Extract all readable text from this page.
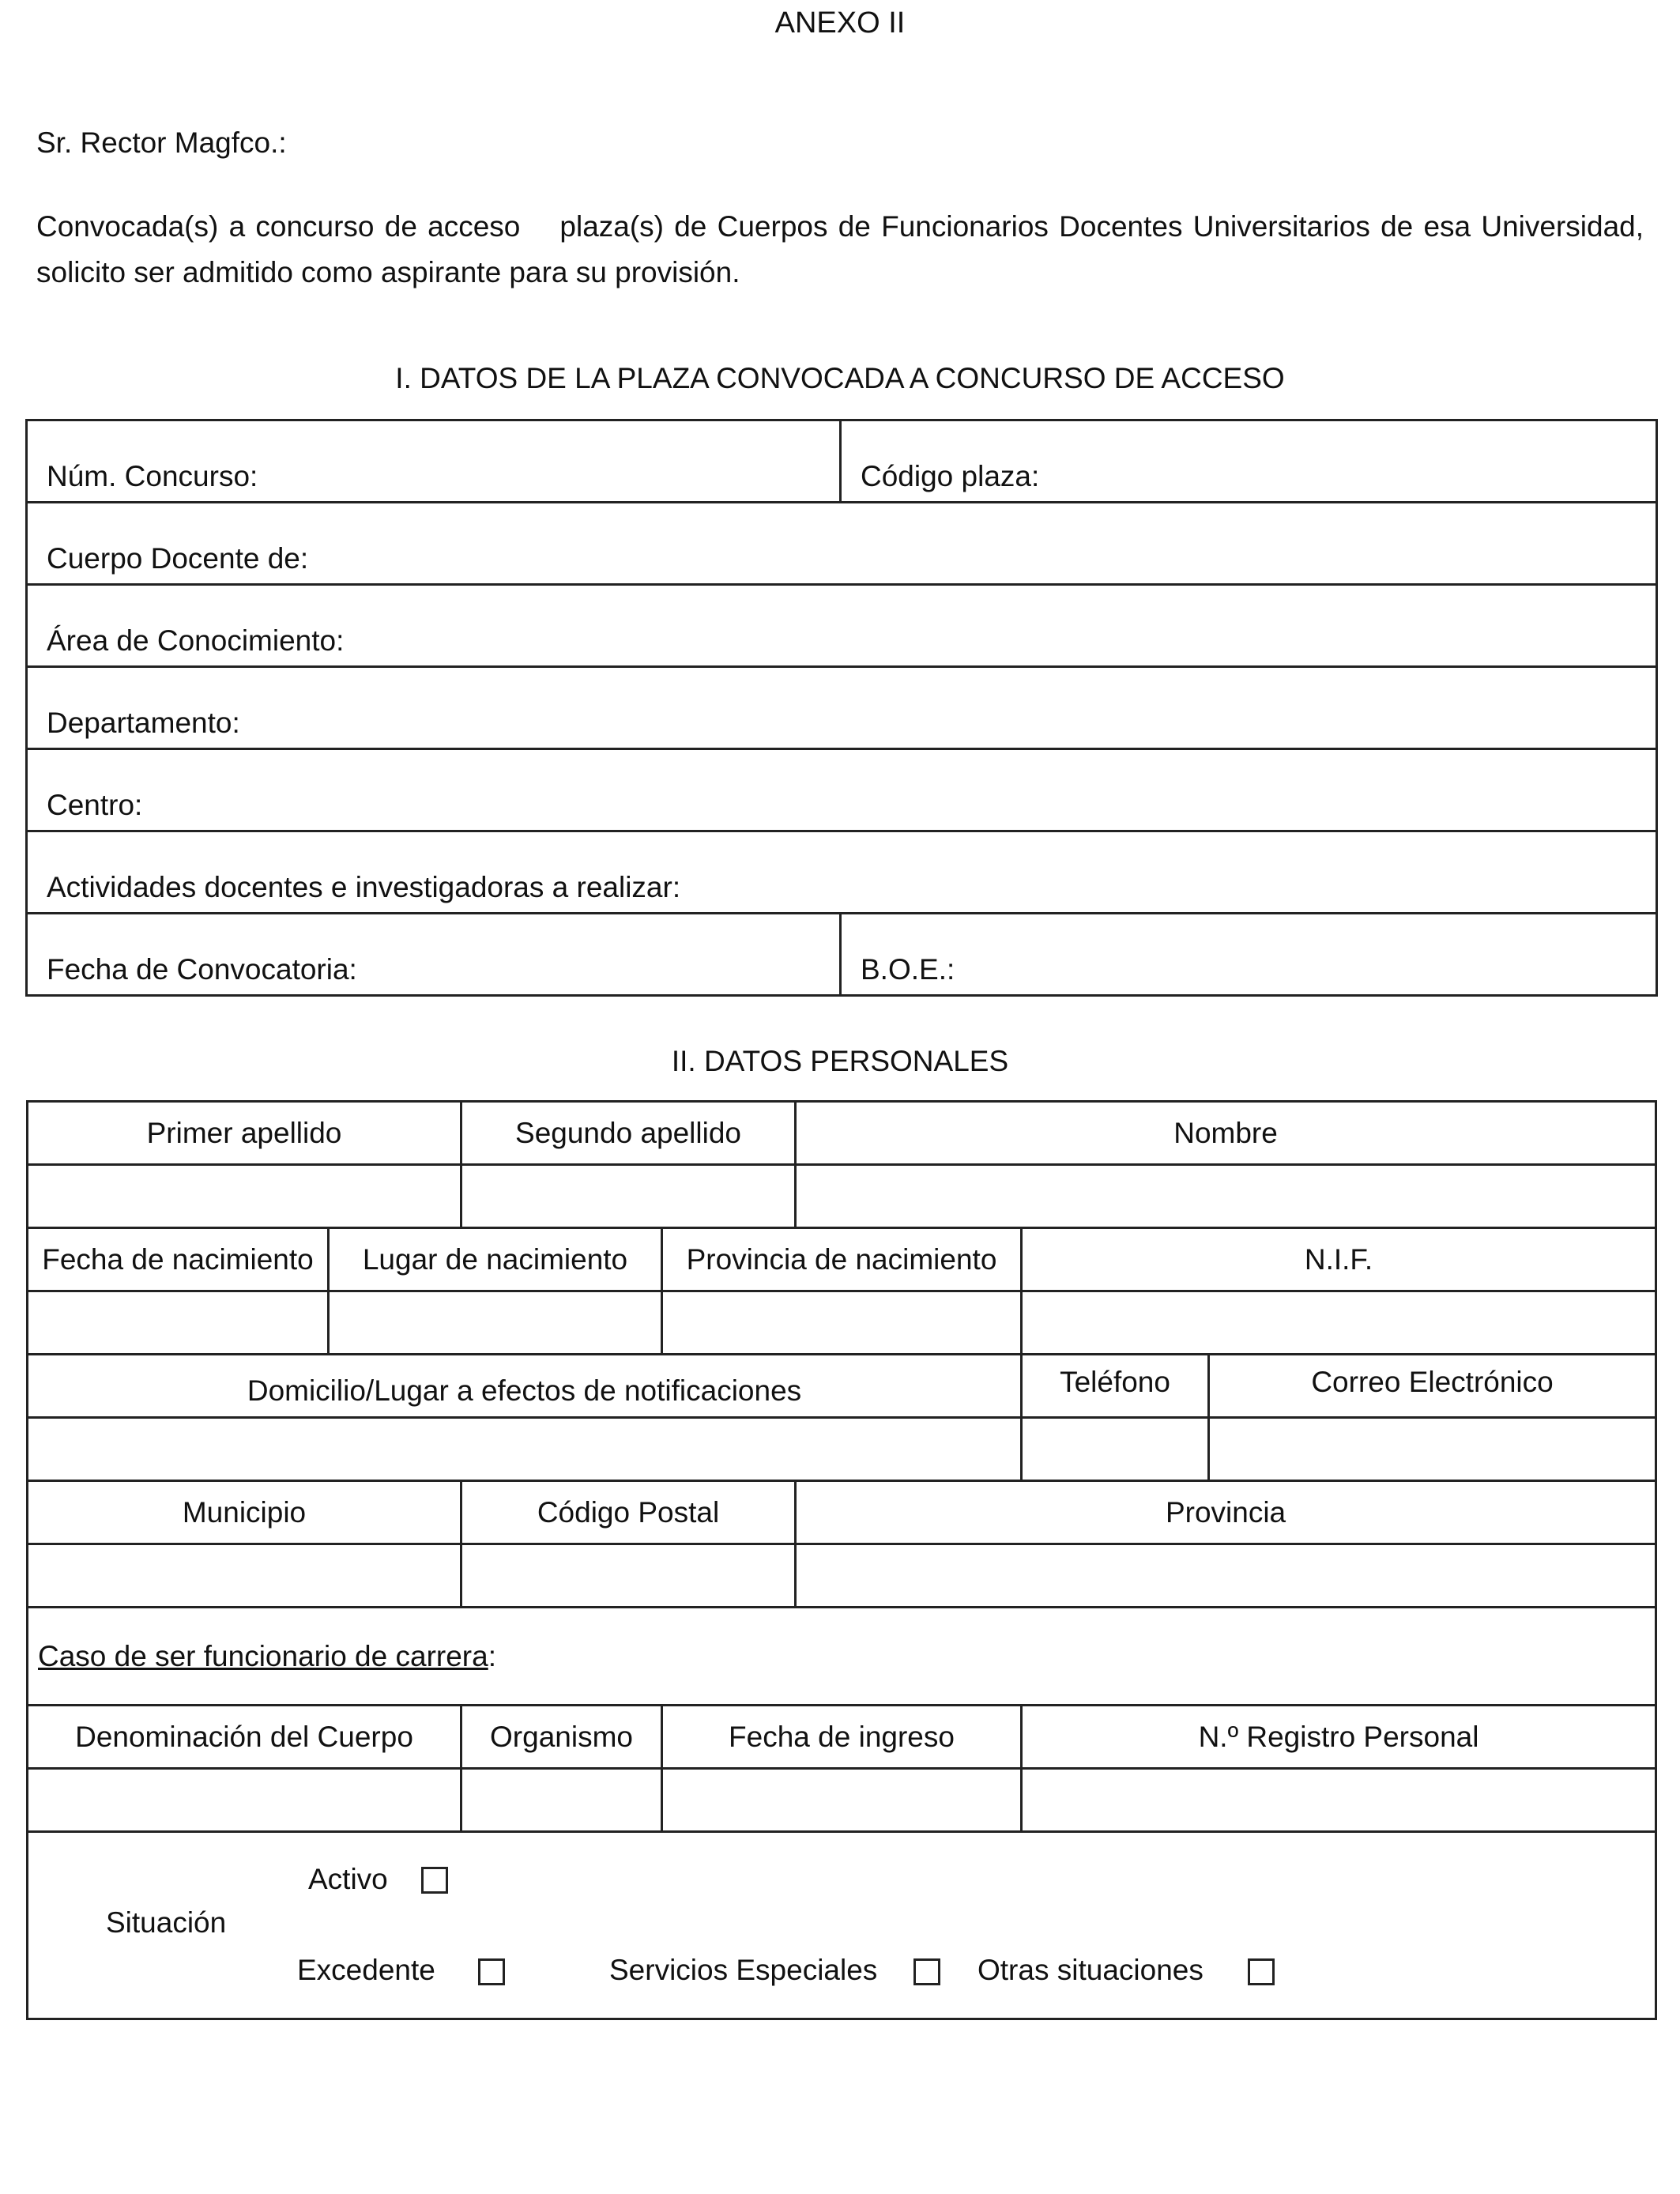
ANEXO II
Sr. Rector Magfco.:
Convocada(s) a concurso de acceso plaza(s) de Cuerpos de Funcionarios Docentes Universitarios de esa Universidad, solicito ser admitido como aspirante para su provisión.
I. DATOS DE LA PLAZA CONVOCADA A CONCURSO DE ACCESO
Núm. Concurso:	Código plaza:
Cuerpo Docente de:	
Área de Conocimiento:	
Departamento:	
Centro:	
Actividades docentes e investigadoras a realizar:	
Fecha de Convocatoria:	B.O.E.:
II. DATOS PERSONALES
Primer apellido		Segundo apellido		Nombre		

Fecha de nacimiento	Lugar de nacimiento		Provincia de nacimiento		N.I.F.	

Domicilio/Lugar a efectos de notificaciones					Teléfono	Correo Electrónico

Municipio		Código Postal		Provincia		

Caso de ser funcionario de carrera:						
Denominación del Cuerpo		Organismo	Fecha de ingreso		N.º Registro Personal	

Situación
Activo
Excedente Servicios Especiales Otras situaciones						
